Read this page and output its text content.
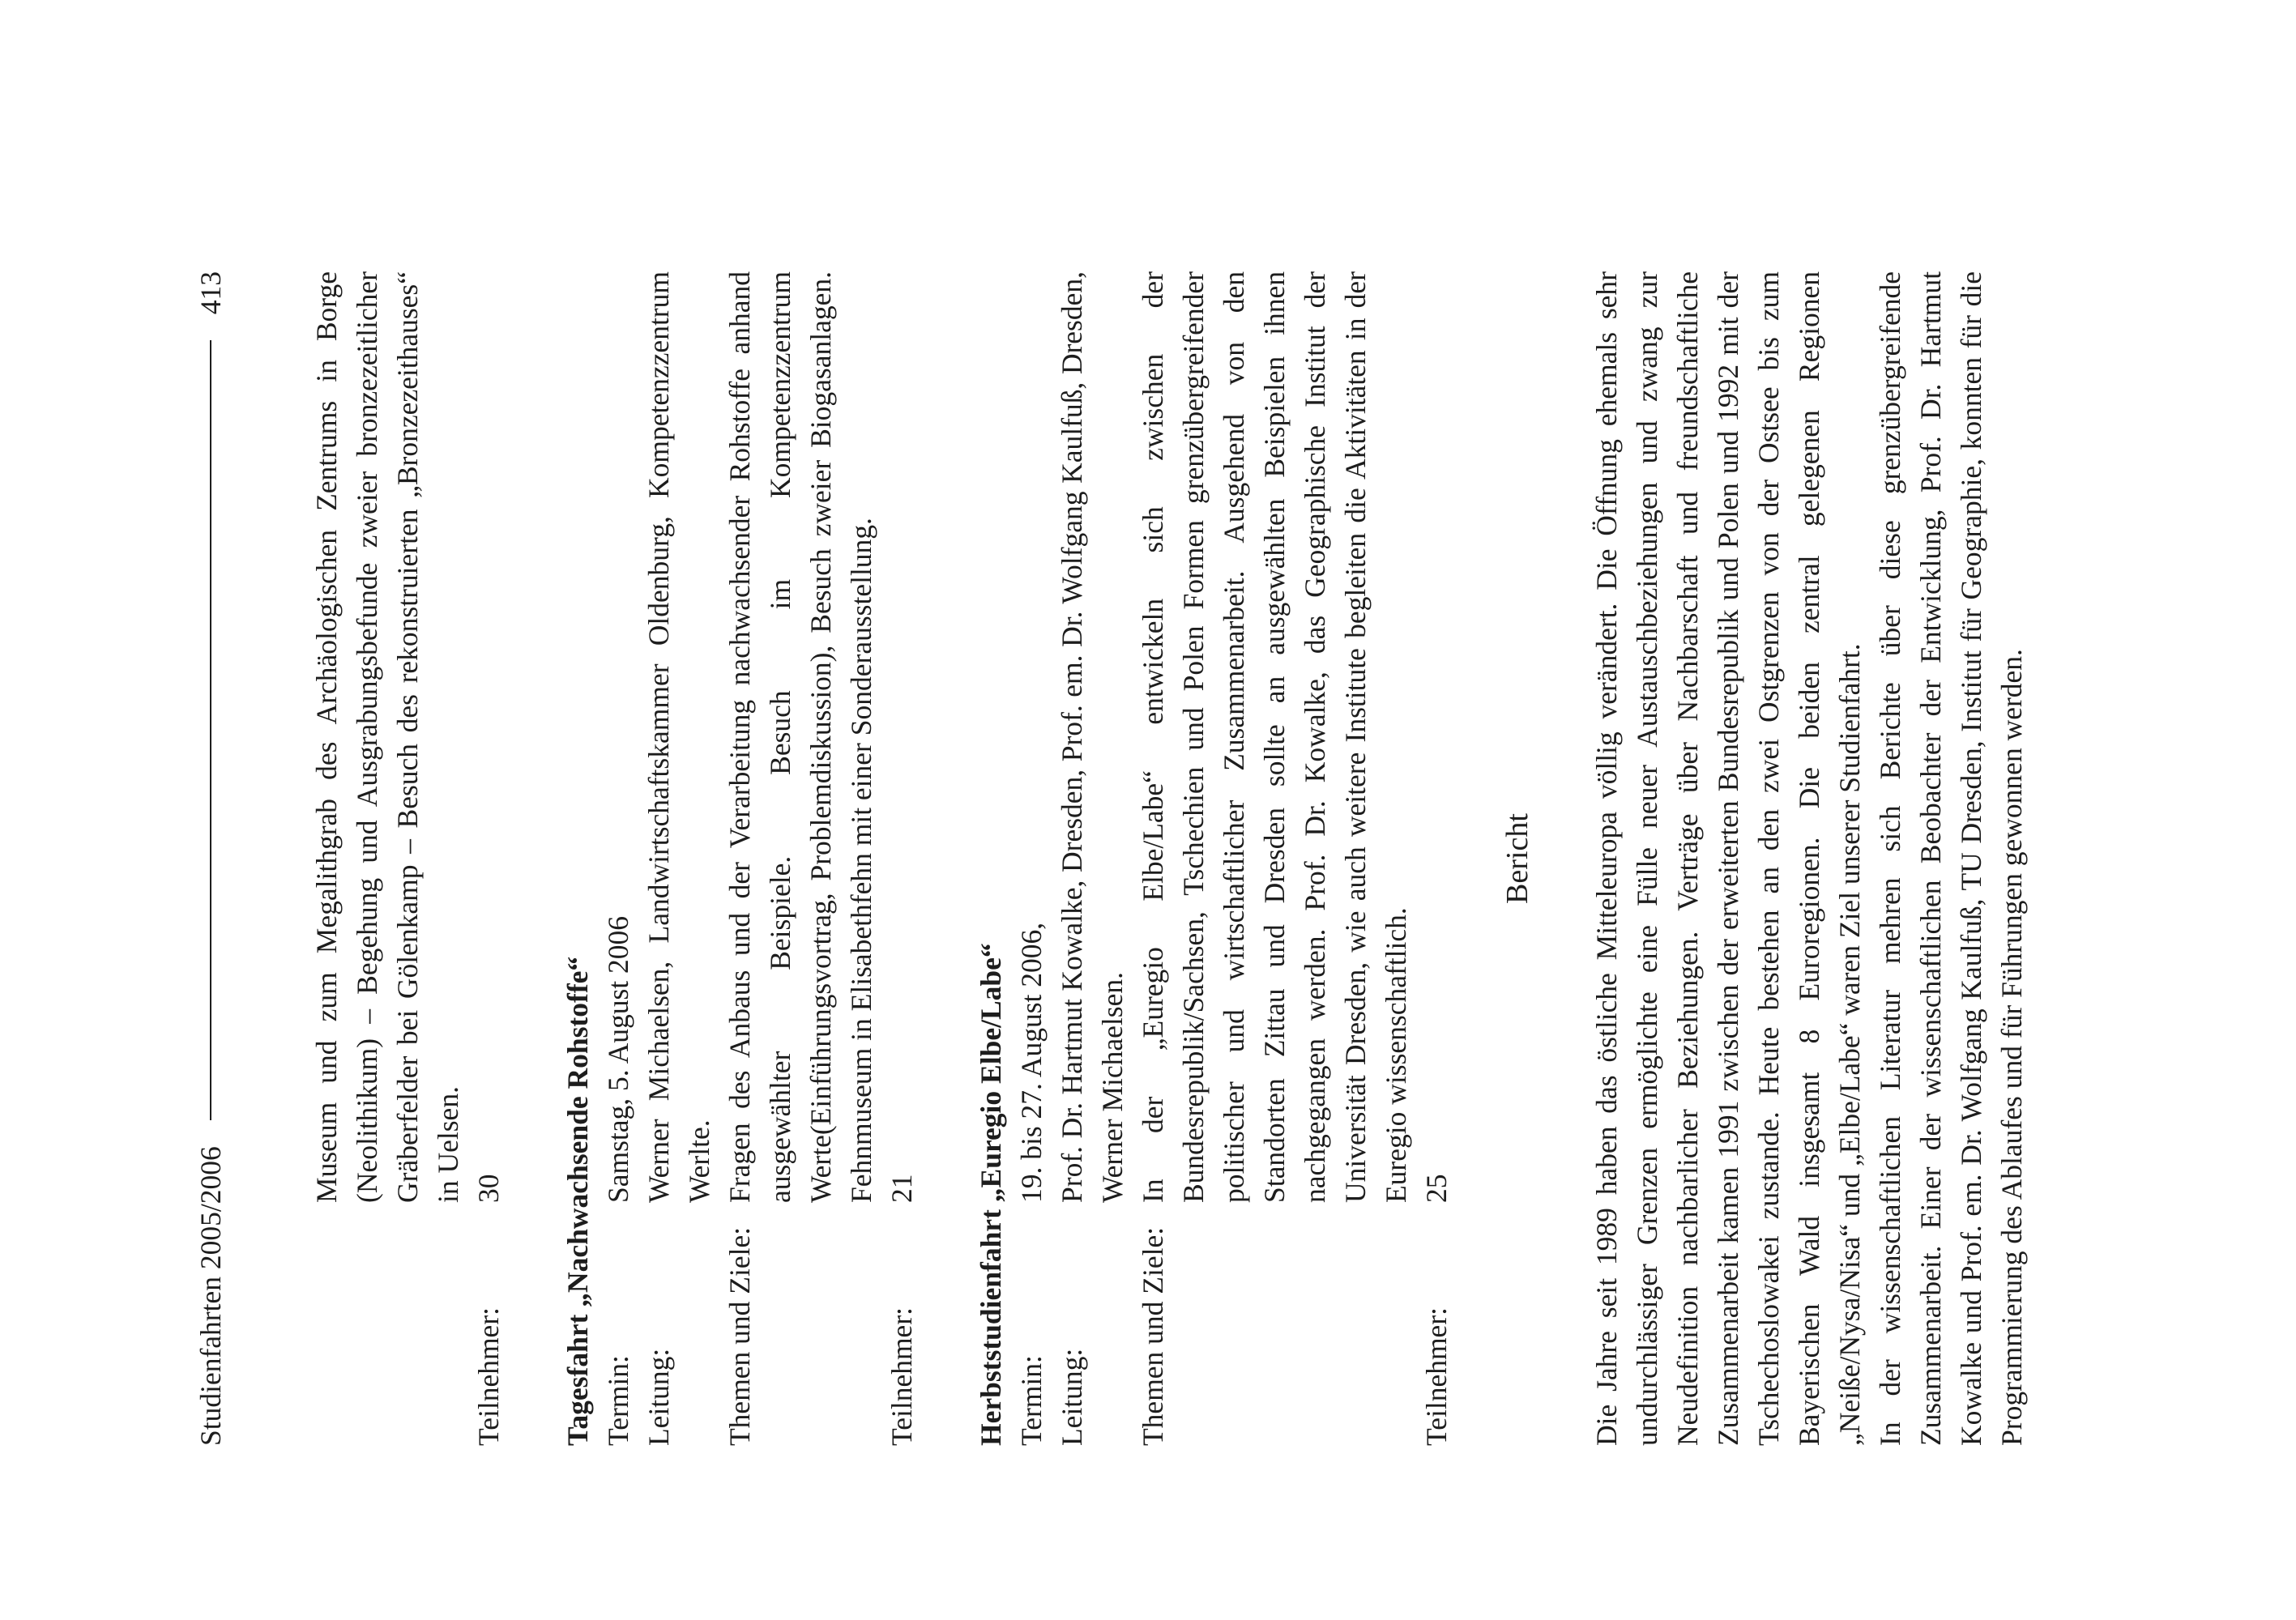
Studienfahrten 2005/2006
413	Museum und zum Megalithgrab des Archäologischen Zentrums in Borge (Neolithikum) – Begehung und Ausgrabungsbefunde zweier bronzezeitlicher Gräberfelder bei Gölenkamp – Besuch des rekonstruierten „Bronzezeithauses“ in Uelsen.
Teilnehmer:
30 Tagesfahrt „Nachwachsende Rohstoffe“ Termin:
Samstag, 5. August 2006
Leitung:
Werner Michaelsen, Landwirtschaftskammer Oldenburg, Kompetenzzentrum Werlte.
Themen und Ziele:
Fragen des Anbaus und der Verarbeitung nachwachsender Rohstoffe anhand ausgewählter Beispiele. Besuch im Kompetenzzentrum Werte(Einführungsvortrag, Problemdiskussion), Besuch zweier Biogasanlagen. Fehnmuseum in Elisabethfehn mit einer Sonderausstellung.
Teilnehmer:
21 Herbststudienfahrt „Euregio Elbe/Labe“ Termin:
19. bis 27. August 2006,
Leitung:
Prof. Dr. Hartmut Kowalke, Dresden, Prof. em. Dr. Wolfgang Kaulfuß, Dresden, Werner Michaelsen.
Themen und Ziele:
In der „Euregio Elbe/Labe“ entwickeln sich zwischen der Bundesrepublik/Sachsen, Tschechien und Polen Formen grenzübergreifender politischer und wirtschaftlicher Zusammenarbeit. Ausgehend von den Standorten Zittau und Dresden sollte an ausgewählten Beispielen ihnen nachgegangen werden. Prof. Dr. Kowalke, das Geographische Institut der Universität Dresden, wie auch weitere Institute begleiten die Aktivitäten in der Euregio wissenschaftlich.
Teilnehmer:
25
Bericht Die Jahre seit 1989 haben das östliche Mitteleuropa völlig verändert. Die Öffnung ehemals sehr undurchlässiger Grenzen ermöglichte eine Fülle neuer Austauschbeziehungen und zwang zur Neudefinition nachbarlicher Beziehungen. Verträge über Nachbarschaft und freundschaftliche Zusammenarbeit kamen 1991 zwischen der erweiterten Bundesrepublik und Polen und 1992 mit der Tschechoslowakei zustande. Heute bestehen an den zwei Ostgrenzen von der Ostsee bis zum Bayerischen Wald insgesamt 8 Euroregionen. Die beiden zentral gelegenen Regionen „Neiße/Nysa/Nisa“ und „Elbe/Labe“ waren Ziel unserer Studienfahrt. In der wissenschaftlichen Literatur mehren sich Berichte über diese grenzübergreifende Zusammenarbeit. Einer der wissenschaftlichen Beobachter der Entwicklung, Prof. Dr. Hartmut Kowalke und Prof. em. Dr. Wolfgang Kaulfuß, TU Dresden, Institut für Geographie, konnten für die Programmierung des Ablaufes und für Führungen gewonnen werden.
